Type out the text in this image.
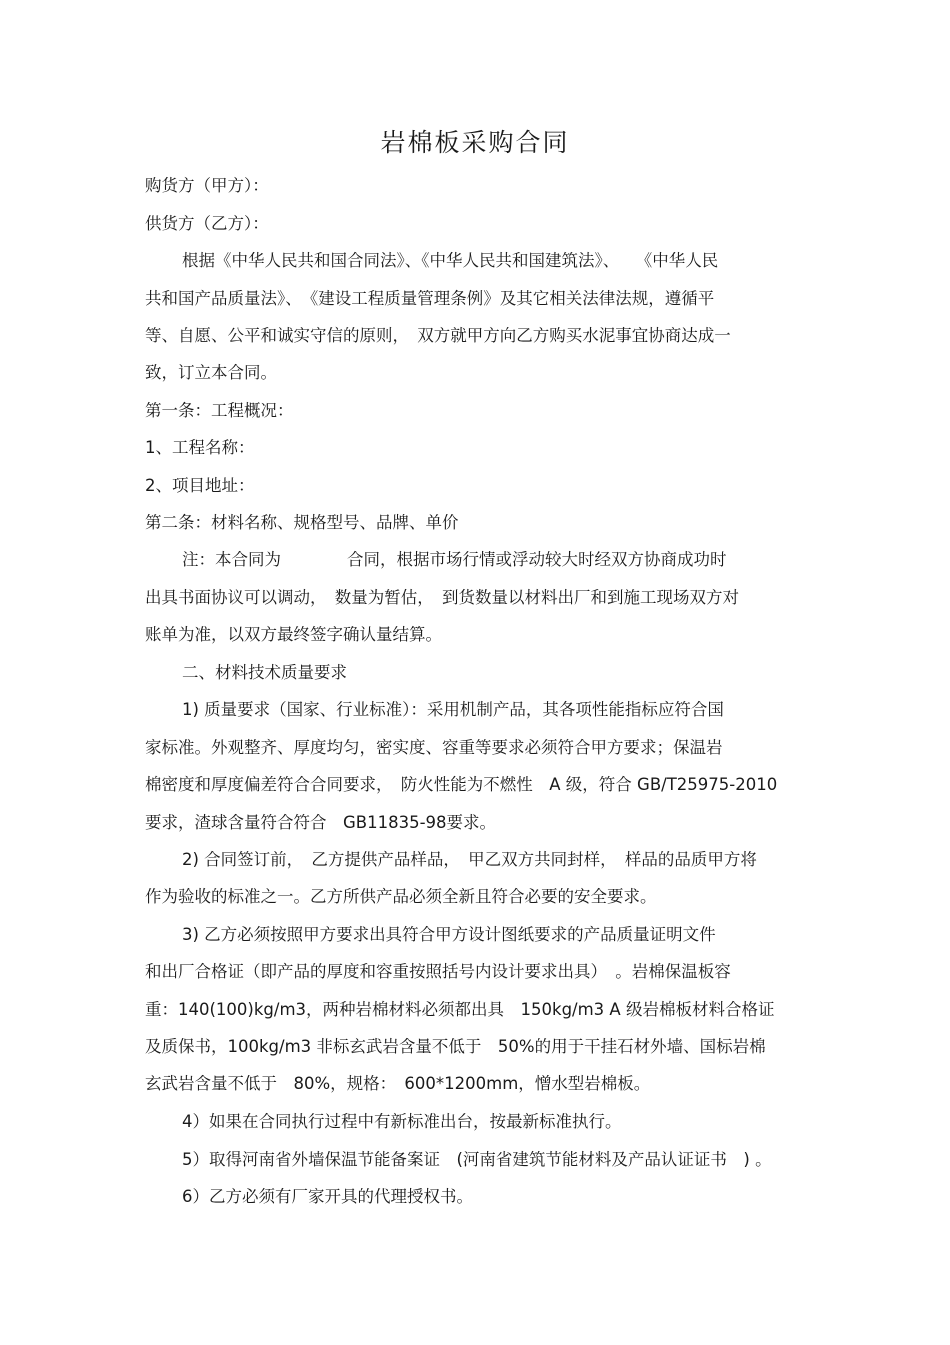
岩棉板采购合同
购货方（甲方）：
供货方（乙方）：
根据《中华人民共和国合同法》、《中华人民共和国建筑法》、　　《中华人民
共和国产品质量法》、　《建设工程质量管理条例》及其它相关法律法规，遵循平
等、自愿、公平和诚实守信的原则，　双方就甲方向乙方购买水泥事宜协商达成一
致，订立本合同。
第一条：工程概况：
1、工程名称：
2、项目地址：
第二条：材料名称、规格型号、品牌、单价
注：本合同为　　　　合同，根据市场行情或浮动较大时经双方协商成功时
出具书面协议可以调动，　数量为暂估，　到货数量以材料出厂和到施工现场双方对
账单为准，以双方最终签字确认量结算。
二、材料技术质量要求
1) 质量要求（国家、行业标准）：采用机制产品，其各项性能指标应符合国
家标准。外观整齐、厚度均匀，密实度、容重等要求必须符合甲方要求；保温岩
棉密度和厚度偏差符合合同要求，　防火性能为不燃性　A 级，符合 GB/T25975-2010
要求，渣球含量符合符合　GB11835-98要求。
2) 合同签订前，　乙方提供产品样品，　甲乙双方共同封样，　样品的品质甲方将
作为验收的标准之一。乙方所供产品必须全新且符合必要的安全要求。
3) 乙方必须按照甲方要求出具符合甲方设计图纸要求的产品质量证明文件
和出厂合格证（即产品的厚度和容重按照括号内设计要求出具）　。岩棉保温板容
重：140(100)kg/m3，两种岩棉材料必须都出具　150kg/m3 A 级岩棉板材料合格证
及质保书，100kg/m3 非标玄武岩含量不低于　50%的用于干挂石材外墙、国标岩棉
玄武岩含量不低于　80%，规格：　600*1200mm，憎水型岩棉板。
4）如果在合同执行过程中有新标准出台，按最新标准执行。
5）取得河南省外墙保温节能备案证　(河南省建筑节能材料及产品认证证书　) 。
6）乙方必须有厂家开具的代理授权书。
